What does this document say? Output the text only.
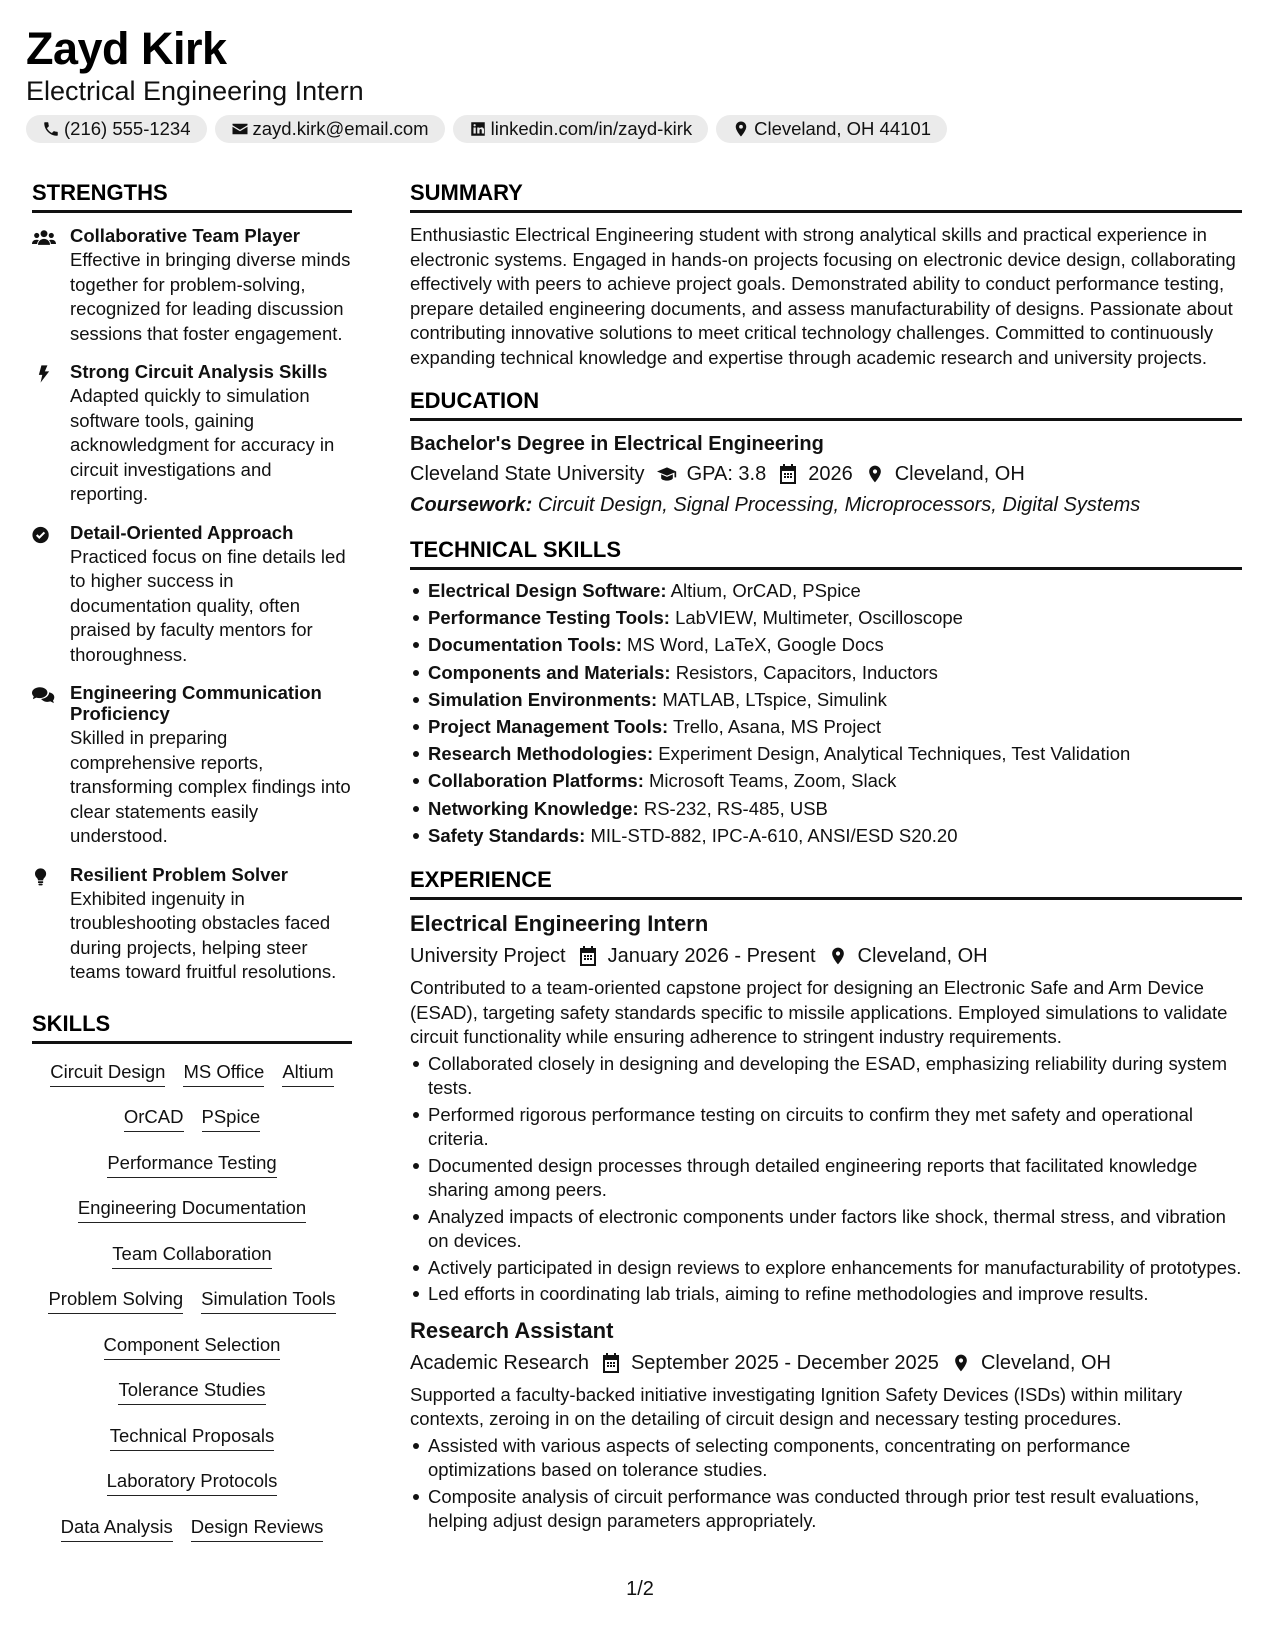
Zayd Kirk
Electrical Engineering Intern
(216) 555-1234	zayd.kirk@email.com	linkedin.com/in/zayd-kirk	Cleveland, OH 44101
STRENGTHS
Collaborative Team Player
Effective in bringing diverse minds together for problem-solving, recognized for leading discussion sessions that foster engagement.
Strong Circuit Analysis Skills
Adapted quickly to simulation software tools, gaining acknowledgment for accuracy in circuit investigations and reporting.
Detail-Oriented Approach
Practiced focus on fine details led to higher success in documentation quality, often praised by faculty mentors for thoroughness.
Engineering Communication Proficiency
Skilled in preparing comprehensive reports, transforming complex findings into clear statements easily understood.
Resilient Problem Solver
Exhibited ingenuity in troubleshooting obstacles faced during projects, helping steer teams toward fruitful resolutions.
SKILLS
Circuit Design MS Office Altium
OrCAD PSpice
Performance Testing
Engineering Documentation
Team Collaboration
Problem Solving Simulation Tools
Component Selection
Tolerance Studies
Technical Proposals
Laboratory Protocols
Data Analysis Design Reviews
SUMMARY
Enthusiastic Electrical Engineering student with strong analytical skills and practical experience in electronic systems. Engaged in hands-on projects focusing on electronic device design, collaborating effectively with peers to achieve project goals. Demonstrated ability to conduct performance testing, prepare detailed engineering documents, and assess manufacturability of designs. Passionate about contributing innovative solutions to meet critical technology challenges. Committed to continuously expanding technical knowledge and expertise through academic research and university projects.
EDUCATION
Bachelor's Degree in Electrical Engineering
Cleveland State University GPA: 3.8 2026 Cleveland, OH
Coursework: Circuit Design, Signal Processing, Microprocessors, Digital Systems
TECHNICAL SKILLS
Electrical Design Software: Altium, OrCAD, PSpice
Performance Testing Tools: LabVIEW, Multimeter, Oscilloscope
Documentation Tools: MS Word, LaTeX, Google Docs
Components and Materials: Resistors, Capacitors, Inductors
Simulation Environments: MATLAB, LTspice, Simulink
Project Management Tools: Trello, Asana, MS Project
Research Methodologies: Experiment Design, Analytical Techniques, Test Validation
Collaboration Platforms: Microsoft Teams, Zoom, Slack
Networking Knowledge: RS-232, RS-485, USB
Safety Standards: MIL-STD-882, IPC-A-610, ANSI/ESD S20.20
EXPERIENCE
Electrical Engineering Intern
University Project January 2026 - Present Cleveland, OH
Contributed to a team-oriented capstone project for designing an Electronic Safe and Arm Device (ESAD), targeting safety standards specific to missile applications. Employed simulations to validate circuit functionality while ensuring adherence to stringent industry requirements.
Collaborated closely in designing and developing the ESAD, emphasizing reliability during system tests.
Performed rigorous performance testing on circuits to confirm they met safety and operational criteria.
Documented design processes through detailed engineering reports that facilitated knowledge sharing among peers.
Analyzed impacts of electronic components under factors like shock, thermal stress, and vibration on devices.
Actively participated in design reviews to explore enhancements for manufacturability of prototypes.
Led efforts in coordinating lab trials, aiming to refine methodologies and improve results.
Research Assistant
Academic Research September 2025 - December 2025 Cleveland, OH
Supported a faculty-backed initiative investigating Ignition Safety Devices (ISDs) within military contexts, zeroing in on the detailing of circuit design and necessary testing procedures.
Assisted with various aspects of selecting components, concentrating on performance optimizations based on tolerance studies.
Composite analysis of circuit performance was conducted through prior test result evaluations, helping adjust design parameters appropriately.
1/2
